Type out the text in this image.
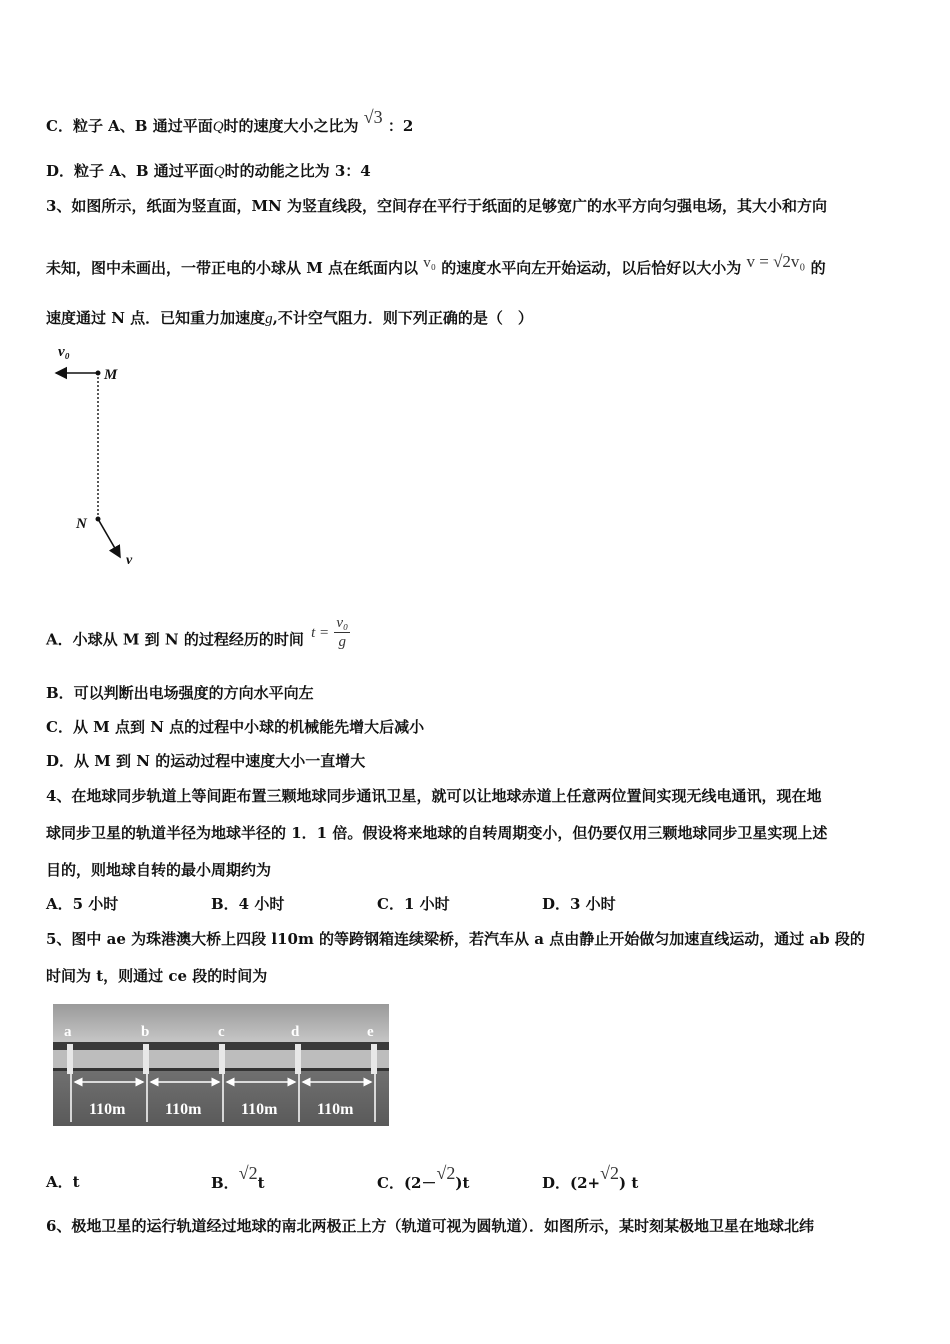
C．粒子 A、B 通过平面Q时的速度大小之比为 √3 ：2
D．粒子 A、B 通过平面Q时的动能之比为 3：4
3、如图所示，纸面为竖直面，MN 为竖直线段，空间存在平行于纸面的足够宽广的水平方向匀强电场，其大小和方向
未知，图中未画出，一带正电的小球从 M 点在纸面内以 v₀ 的速度水平向左开始运动，以后恰好以大小为 v = √2v₀ 的
速度通过 N 点．已知重力加速度g,不计空气阻力．则下列正确的是（　）
v₀
M
N
v
A．小球从 M 到 N 的过程经历的时间 $t = \frac{\text{v₀}}{g}$
B．可以判断出电场强度的方向水平向左
C．从 M 点到 N 点的过程中小球的机械能先增大后减小
D．从 M 到 N 的运动过程中速度大小一直增大
4、在地球同步轨道上等间距布置三颗地球同步通讯卫星，就可以让地球赤道上任意两位置间实现无线电通讯，现在地
球同步卫星的轨道半径为地球半径的 1．1 倍。假设将来地球的自转周期变小，但仍要仅用三颗地球同步卫星实现上述
目的，则地球自转的最小周期约为
A．5 小时	B．4 小时	C．1 小时	D．3 小时
5、图中 ae 为珠港澳大桥上四段 l10m 的等跨钢箱连续梁桥，若汽车从 a 点由静止开始做匀加速直线运动，通过 ab 段的
时间为 t，则通过 ce 段的时间为
a	b	c	d	e
110m 110m 110m 110m
A．t	B．√2t	C．(2－√2)t	D．(2+√2) t
6、极地卫星的运行轨道经过地球的南北两极正上方（轨道可视为圆轨道）．如图所示，某时刻某极地卫星在地球北纬
